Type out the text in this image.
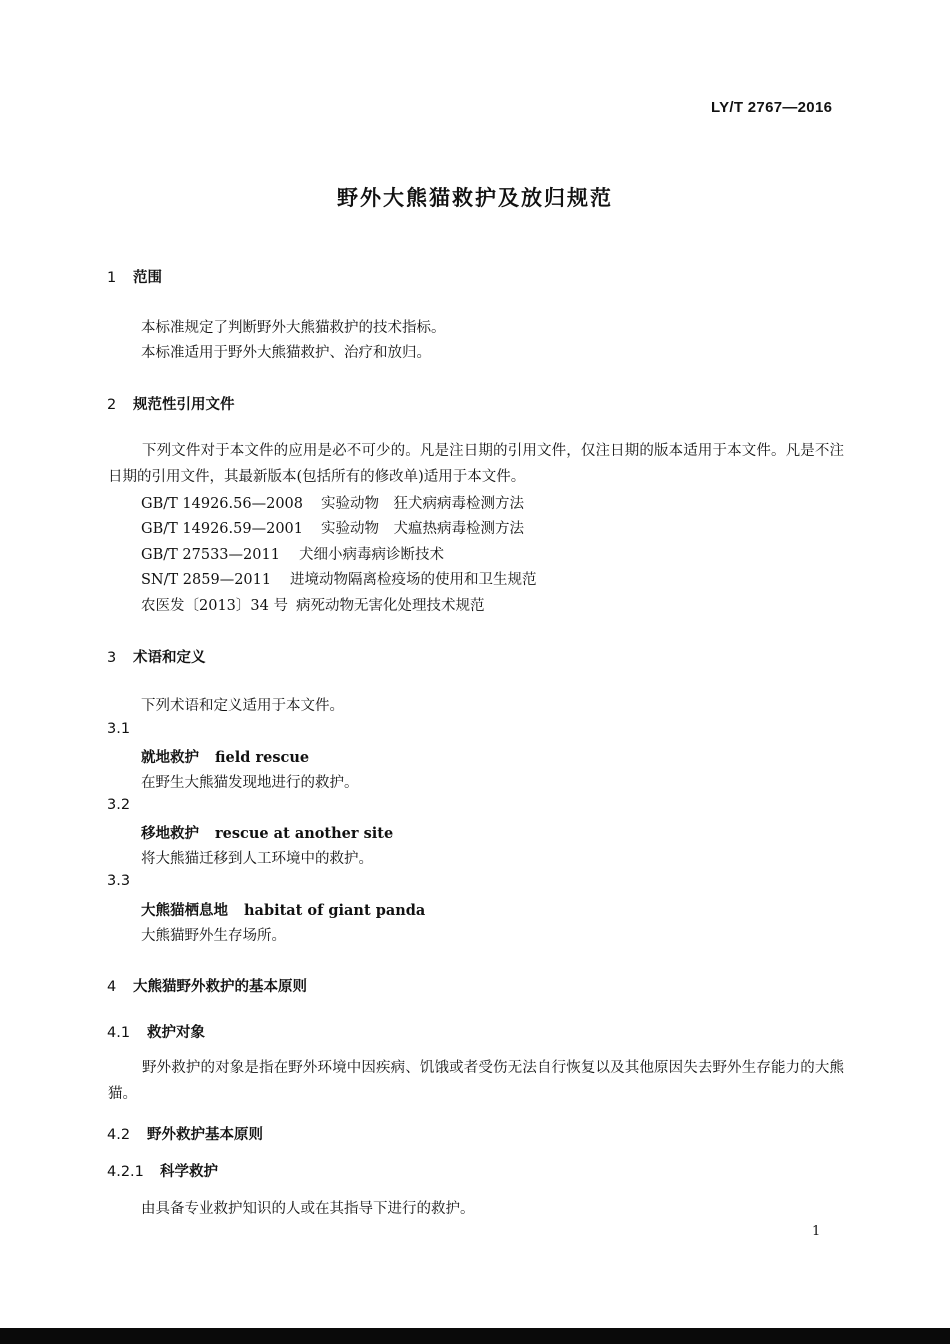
LY/T 2767—2016
野外大熊猫救护及放归规范
1 范围
本标准规定了判断野外大熊猫救护的技术指标。
本标准适用于野外大熊猫救护、治疗和放归。
2 规范性引用文件

下列文件对于本文件的应用是必不可少的。凡是注日期的引用文件，仅注日期的版本适用于本文件。凡是不注日期的引用文件，其最新版本(包括所有的修改单)适用于本文件。

GB/T 14926.56—2008 实验动物　狂犬病病毒检测方法
GB/T 14926.59—2001 实验动物　犬瘟热病毒检测方法
GB/T 27533—2011 犬细小病毒病诊断技术
SN/T 2859—2011 进境动物隔离检疫场的使用和卫生规范
农医发〔2013〕34 号 病死动物无害化处理技术规范
3 术语和定义
下列术语和定义适用于本文件。
3.1
就地救护 field rescue
在野生大熊猫发现地进行的救护。
3.2
移地救护 rescue at another site
将大熊猫迁移到人工环境中的救护。
3.3
大熊猫栖息地 habitat of giant panda
大熊猫野外生存场所。
4 大熊猫野外救护的基本原则
4.1 救护对象

野外救护的对象是指在野外环境中因疾病、饥饿或者受伤无法自行恢复以及其他原因失去野外生存能力的大熊猫。

4.2 野外救护基本原则
4.2.1 科学救护
由具备专业救护知识的人或在其指导下进行的救护。
1
